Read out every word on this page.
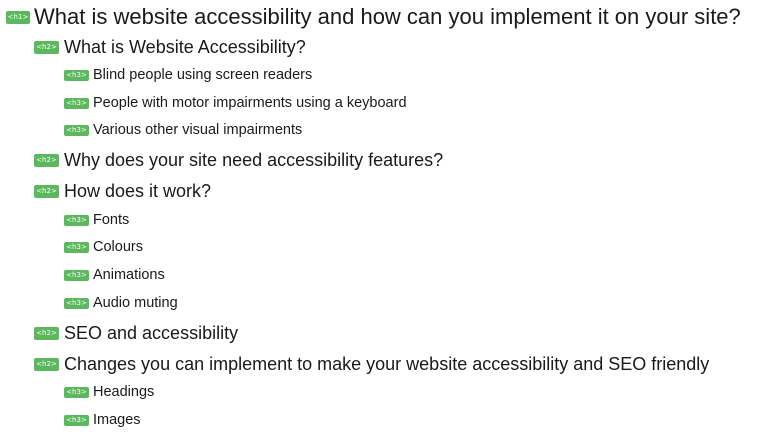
< h1 > What is website accessibility and how can you implement it on your site?
< h2 > What is Website Accessibility?
< h3 > Blind people using screen readers
< h3 > People with motor impairments using a keyboard
< h3 > Various other visual impairments
< h2 > Why does your site need accessibility features?
< h2 > How does it work?
< h3 > Fonts
< h3 > Colours
< h3 > Animations
< h3 > Audio muting
< h2 > SEO and accessibility
< h2 > Changes you can implement to make your website accessibility and SEO friendly
< h3 > Headings
< h3 > Images
